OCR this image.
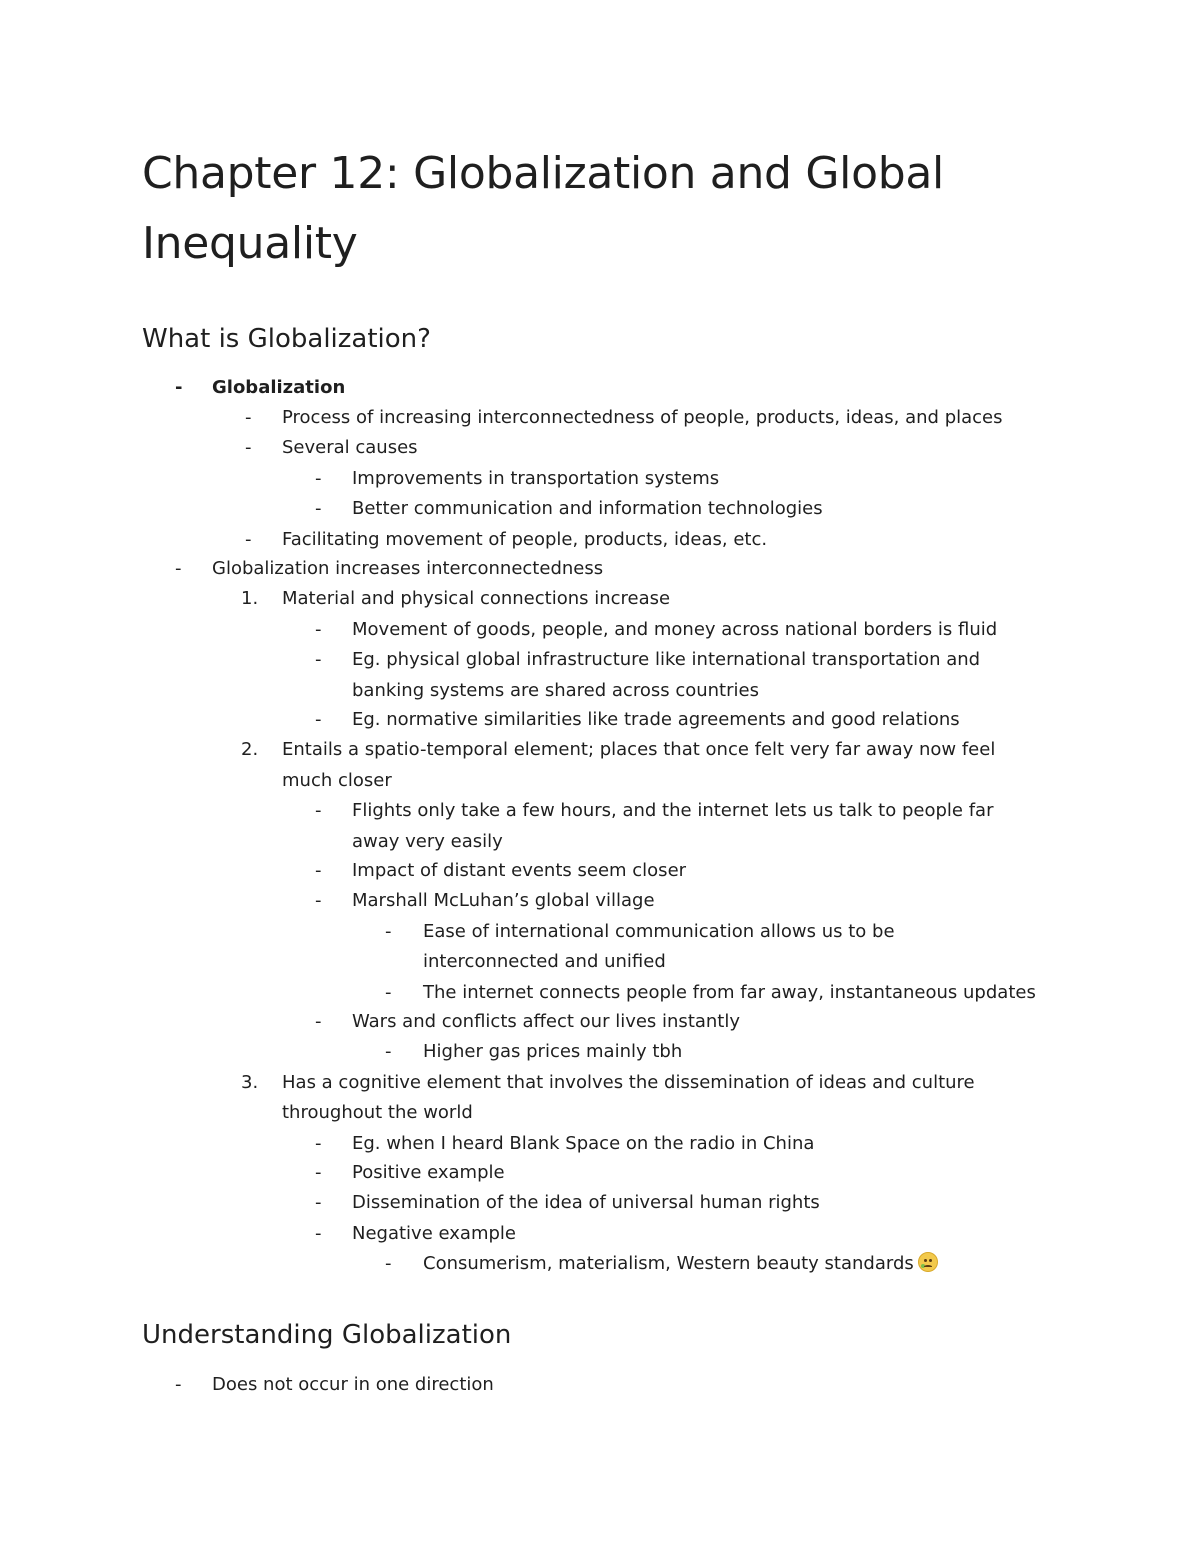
Chapter 12: Globalization and Global
Inequality
What is Globalization?
- Globalization
- Process of increasing interconnectedness of people, products, ideas, and places
- Several causes
- Improvements in transportation systems
- Better communication and information technologies
- Facilitating movement of people, products, ideas, etc.
- Globalization increases interconnectedness
1. Material and physical connections increase
- Movement of goods, people, and money across national borders is fluid
- Eg. physical global infrastructure like international transportation and
banking systems are shared across countries
- Eg. normative similarities like trade agreements and good relations
2. Entails a spatio-temporal element; places that once felt very far away now feel
much closer
- Flights only take a few hours, and the internet lets us talk to people far
away very easily
- Impact of distant events seem closer
- Marshall McLuhan’s global village
- Ease of international communication allows us to be
interconnected and unified
- The internet connects people from far away, instantaneous updates
- Wars and conflicts affect our lives instantly
- Higher gas prices mainly tbh
3. Has a cognitive element that involves the dissemination of ideas and culture
throughout the world
- Eg. when I heard Blank Space on the radio in China
- Positive example
- Dissemination of the idea of universal human rights
- Negative example
- Consumerism, materialism, Western beauty standards
Understanding Globalization
- Does not occur in one direction
